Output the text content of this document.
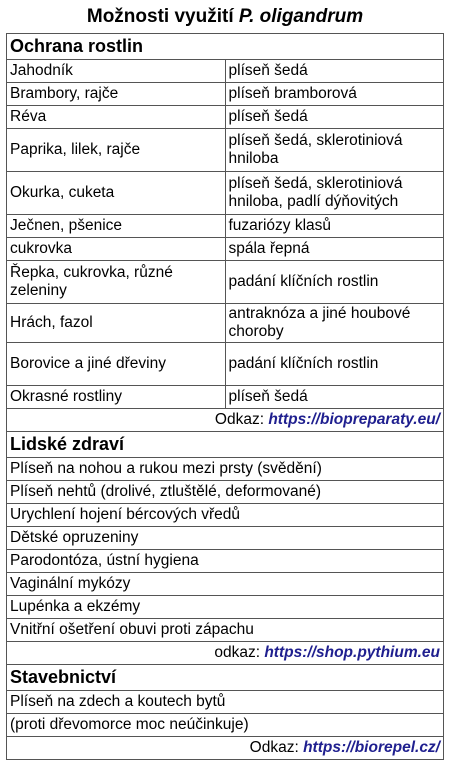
Možnosti využití P. oligandrum
Ochrana rostlin	
Jahodník	plíseň šedá
Brambory, rajče	plíseň bramborová
Réva	plíseň šedá
Paprika, lilek, rajče	plíseň šedá, sklerotiniová hniloba
Okurka, cuketa	plíseň šedá, sklerotiniová hniloba, padlí dýňovitých
Ječnen, pšenice	fuzariózy klasů
cukrovka	spála řepná
Řepka, cukrovka, různé zeleniny	padání klíčních rostlin
Hrách, fazol	antraknóza a jiné houbové choroby
Borovice a jiné dřeviny	padání klíčních rostlin
Okrasné rostliny	plíseň šedá
Odkaz: https://biopreparaty.eu/	
Lidské zdraví	
Plíseň na nohou a rukou mezi prsty (svědění)	
Plíseň nehtů (drolivé, ztluštělé, deformované)	
Urychlení hojení bércových vředů	
Dětské opruzeniny	
Parodontóza, ústní hygiena	
Vaginální mykózy	
Lupénka a ekzémy	
Vnitřní ošetření obuvi proti zápachu	
odkaz: https://shop.pythium.eu	
Stavebnictví	
Plíseň na zdech a koutech bytů	
(proti dřevomorce moc neúčinkuje)	
Odkaz: https://biorepel.cz/	
